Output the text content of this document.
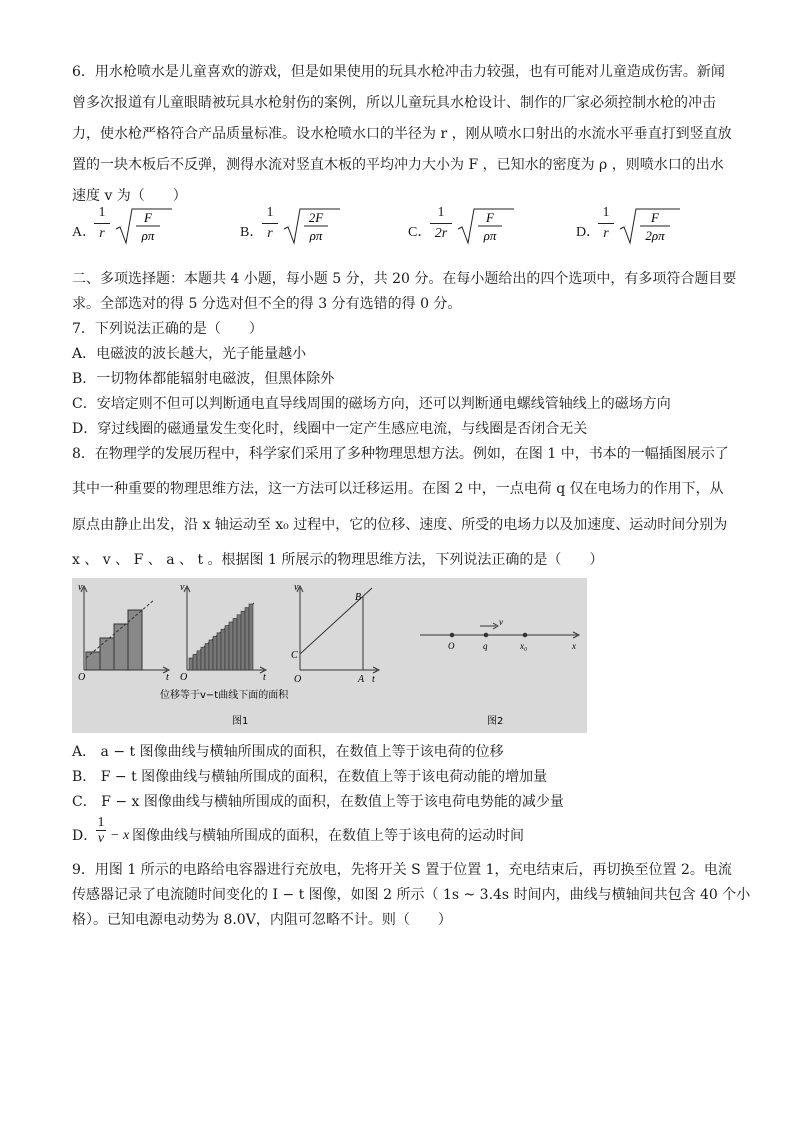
6．用水枪喷水是儿童喜欢的游戏，但是如果使用的玩具水枪冲击力较强，也有可能对儿童造成伤害。新闻
曾多次报道有儿童眼睛被玩具水枪射伤的案例，所以儿童玩具水枪设计、制作的厂家必须控制水枪的冲击
力，使水枪严格符合产品质量标准。设水枪喷水口的半径为 r ，刚从喷水口射出的水流水平垂直打到竖直放
置的一块木板后不反弹，测得水流对竖直木板的平均冲力大小为 F ，已知水的密度为 ρ ，则喷水口的出水
速度 v 为（　　）
A．
1
r
F
ρπ	B．
1
r
2F
ρπ	C．
1
2r
F
ρπ	D．
1
r
F
2ρπ
二、多项选择题：本题共 4 小题，每小题 5 分，共 20 分。在每小题给出的四个选项中，有多项符合题目要
求。全部选对的得 5 分选对但不全的得 3 分有选错的得 0 分。
7．下列说法正确的是（　　）
A．电磁波的波长越大，光子能量越小
B．一切物体都能辐射电磁波，但黑体除外
C．安培定则不但可以判断通电直导线周围的磁场方向，还可以判断通电螺线管轴线上的磁场方向
D．穿过线圈的磁通量发生变化时，线圈中一定产生感应电流，与线圈是否闭合无关
8．在物理学的发展历程中，科学家们采用了多种物理思想方法。例如，在图 1 中，书本的一幅插图展示了
其中一种重要的物理思维方法，这一方法可以迁移运用。在图 2 中，一点电荷 q 仅在电场力的作用下，从
原点由静止出发，沿 x 轴运动至 x₀ 过程中，它的位移、速度、所受的电场力以及加速度、运动时间分别为
x 、 v 、 F 、 a 、 t 。根据图 1 所展示的物理思维方法，下列说法正确的是（　　）
v
O	t
v
O	t
v
C
B
A t
O
位移等于v−t曲线下面的面积
图1
O	q
v
x₀	x
图2
A． a − t 图像曲线与横轴所围成的面积，在数值上等于该电荷的位移
B． F − t 图像曲线与横轴所围成的面积，在数值上等于该电荷动能的增加量
C． F − x 图像曲线与横轴所围成的面积，在数值上等于该电荷电势能的减少量
D．
1
v − x 图像曲线与横轴所围成的面积，在数值上等于该电荷的运动时间
9．用图 1 所示的电路给电容器进行充放电，先将开关 S 置于位置 1，充电结束后，再切换至位置 2。电流
传感器记录了电流随时间变化的 I − t 图像，如图 2 所示（ 1s ~ 3.4s 时间内，曲线与横轴间共包含 40 个小
格）。已知电源电动势为 8.0V，内阻可忽略不计。则（　　）
